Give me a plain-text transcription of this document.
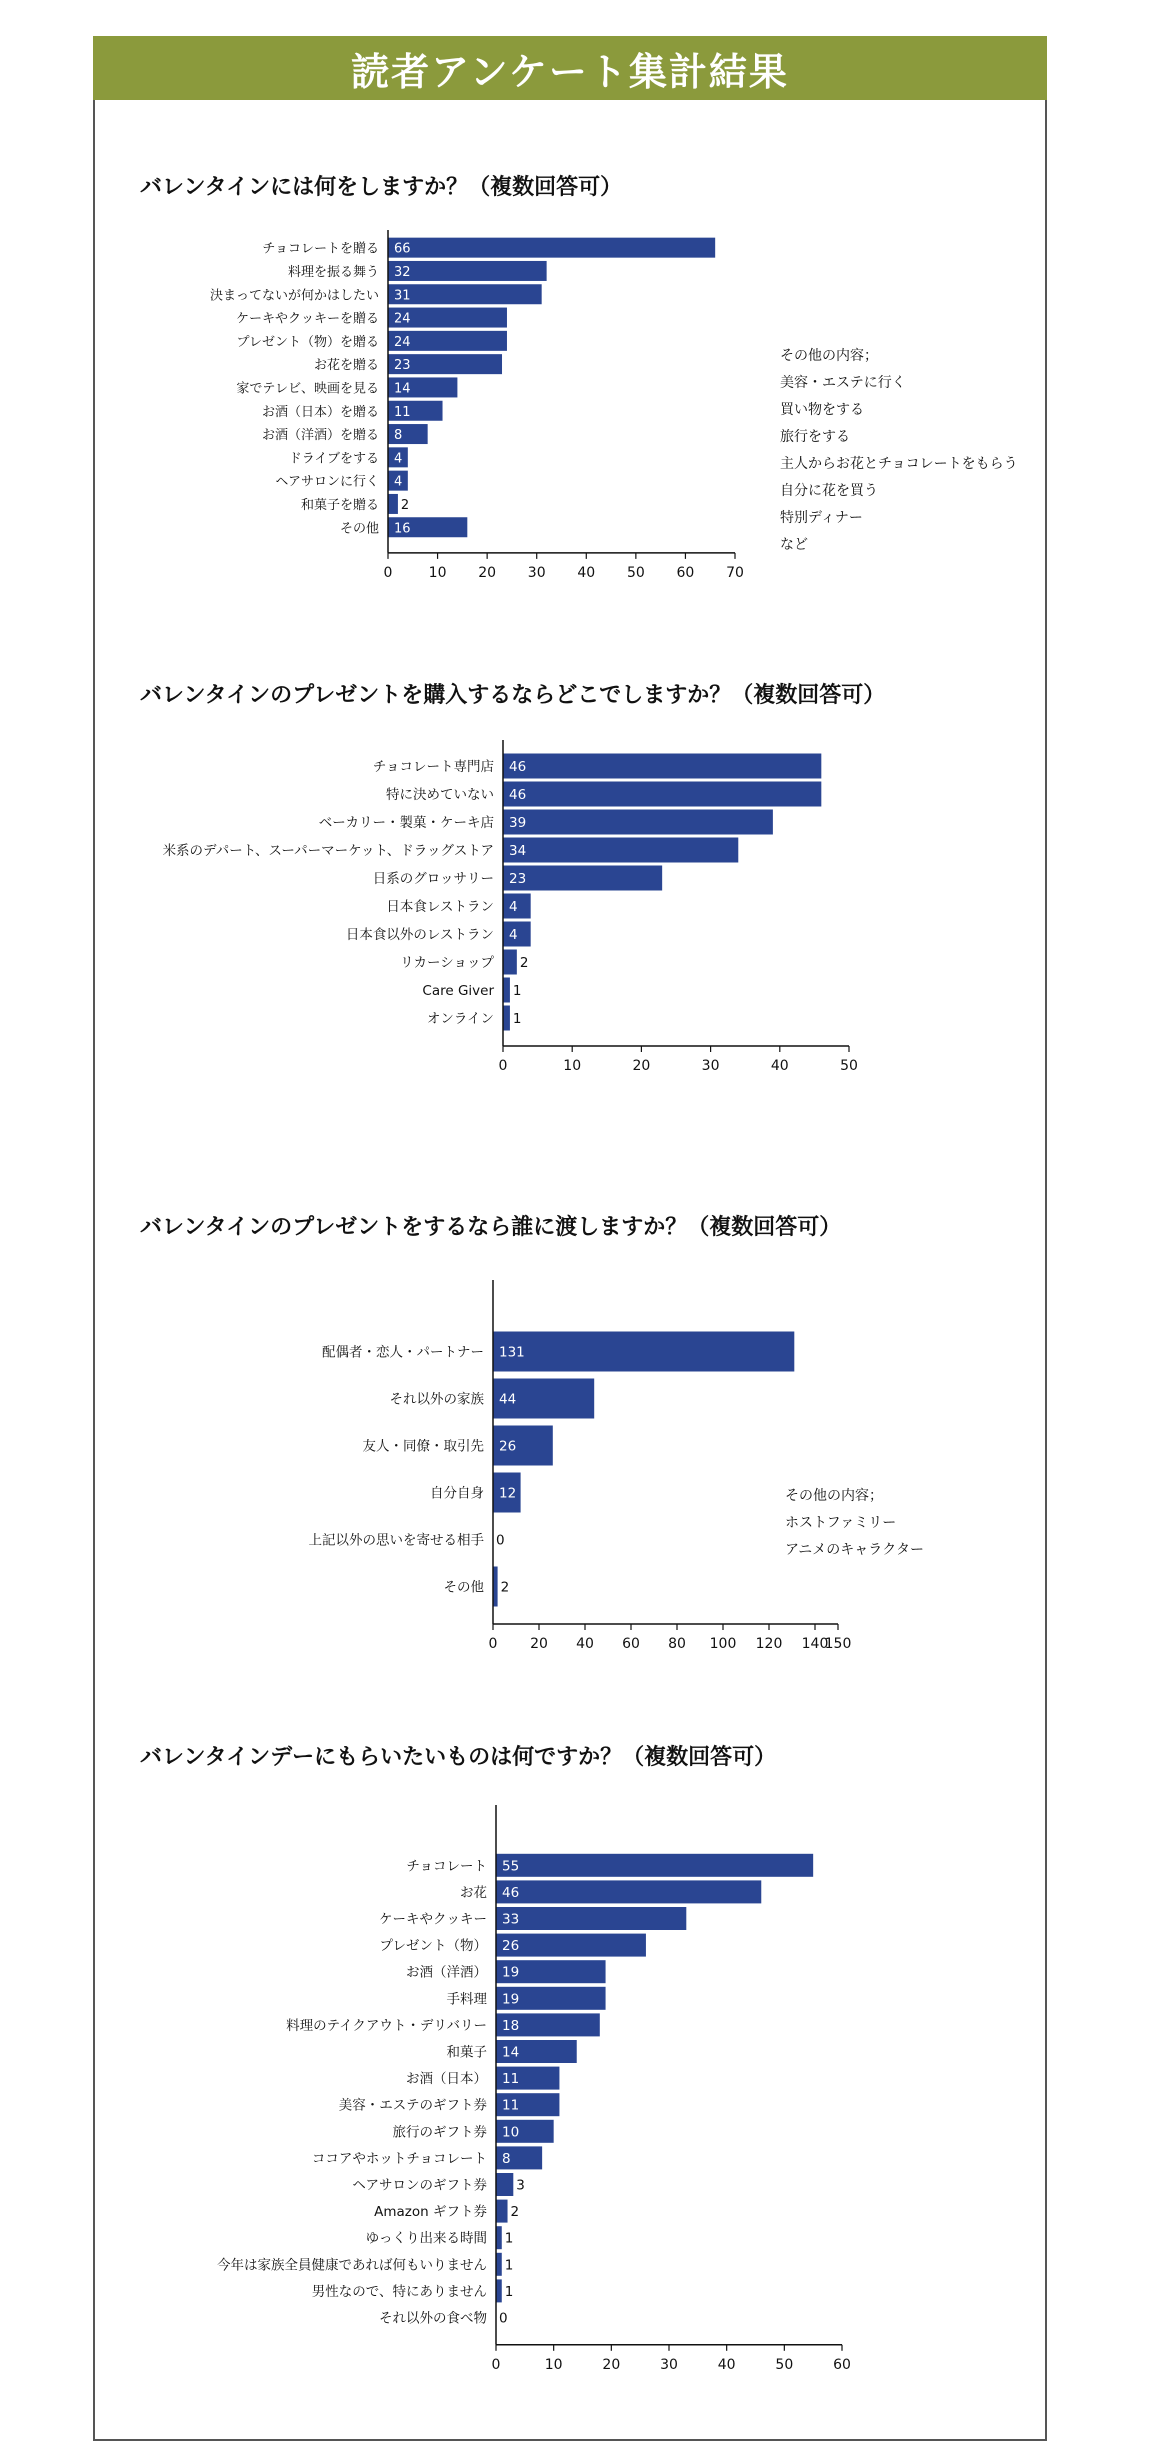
読者アンケート集計結果
バレンタインには何をしますか？（複数回答可）
チョコレートを贈る 66
料理を振る舞う 32
決まってないが何かはしたい 31
ケーキやクッキーを贈る 24
プレゼント（物）を贈る 24
お花を贈る 23
家でテレビ、映画を見る 14
お酒（日本）を贈る 11
お酒（洋酒）を贈る 8
ドライブをする 4
ヘアサロンに行く 4
和菓子を贈る 2
その他 16
0	10 20 30 40 50 60 70
その他の内容；
美容・エステに行く
買い物をする
旅行をする
主人からお花とチョコレートをもらう
自分に花を買う
特別ディナー
など
バレンタインのプレゼントを購入するならどこでしますか？（複数回答可）
チョコレート専門店 46
特に決めていない 46
ベーカリー・製菓・ケーキ店 39
米系のデパート、スーパーマーケット、ドラッグストア 34
日系のグロッサリー 23
日本食レストラン 4
日本食以外のレストラン 4
リカーショップ 2
Care Giver 1
オンライン 1
0	10	20	30	40	50
バレンタインのプレゼントをするなら誰に渡しますか？（複数回答可）
配偶者・恋人・パートナー 131
それ以外の家族 44
友人・同僚・取引先 26
自分自身 12
上記以外の思いを寄せる相手 0
その他 2
0 20 40 60 80 100 120 140
150
その他の内容；
ホストファミリー
アニメのキャラクター
バレンタインデーにもらいたいものは何ですか？（複数回答可）
チョコレート 55
お花 46
ケーキやクッキー 33
プレゼント（物） 26
お酒（洋酒） 19
手料理 19
料理のテイクアウト・デリバリー 18
和菓子 14
お酒（日本） 11
美容・エステのギフト券 11
旅行のギフト券 10
ココアやホットチョコレート 8
ヘアサロンのギフト券 3
Amazon ギフト券 2
ゆっくり出来る時間 1
今年は家族全員健康であれば何もいりません 1
男性なので、特にありません 1
それ以外の食べ物 0
0	10	20	30	40	50	60
